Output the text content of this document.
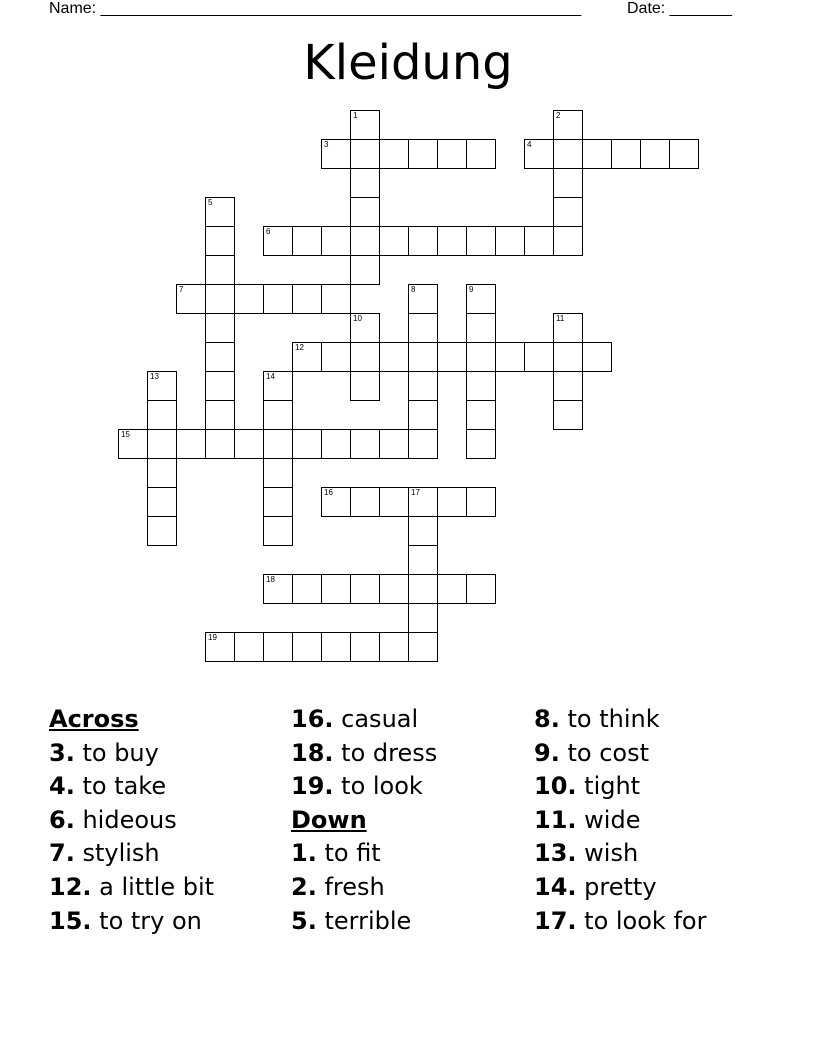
Name: ______________________________________________________	Date: _______
Kleidung
1	2
3	4
5
6
7	8	9
10	11
12
13	14
15
16	17
18
19
Across
3. to buy
4. to take
6. hideous
7. stylish
12. a little bit
15. to try on
16. casual
18. to dress
19. to look
Down
1. to fit
2. fresh
5. terrible
8. to think
9. to cost
10. tight
11. wide
13. wish
14. pretty
17. to look for
